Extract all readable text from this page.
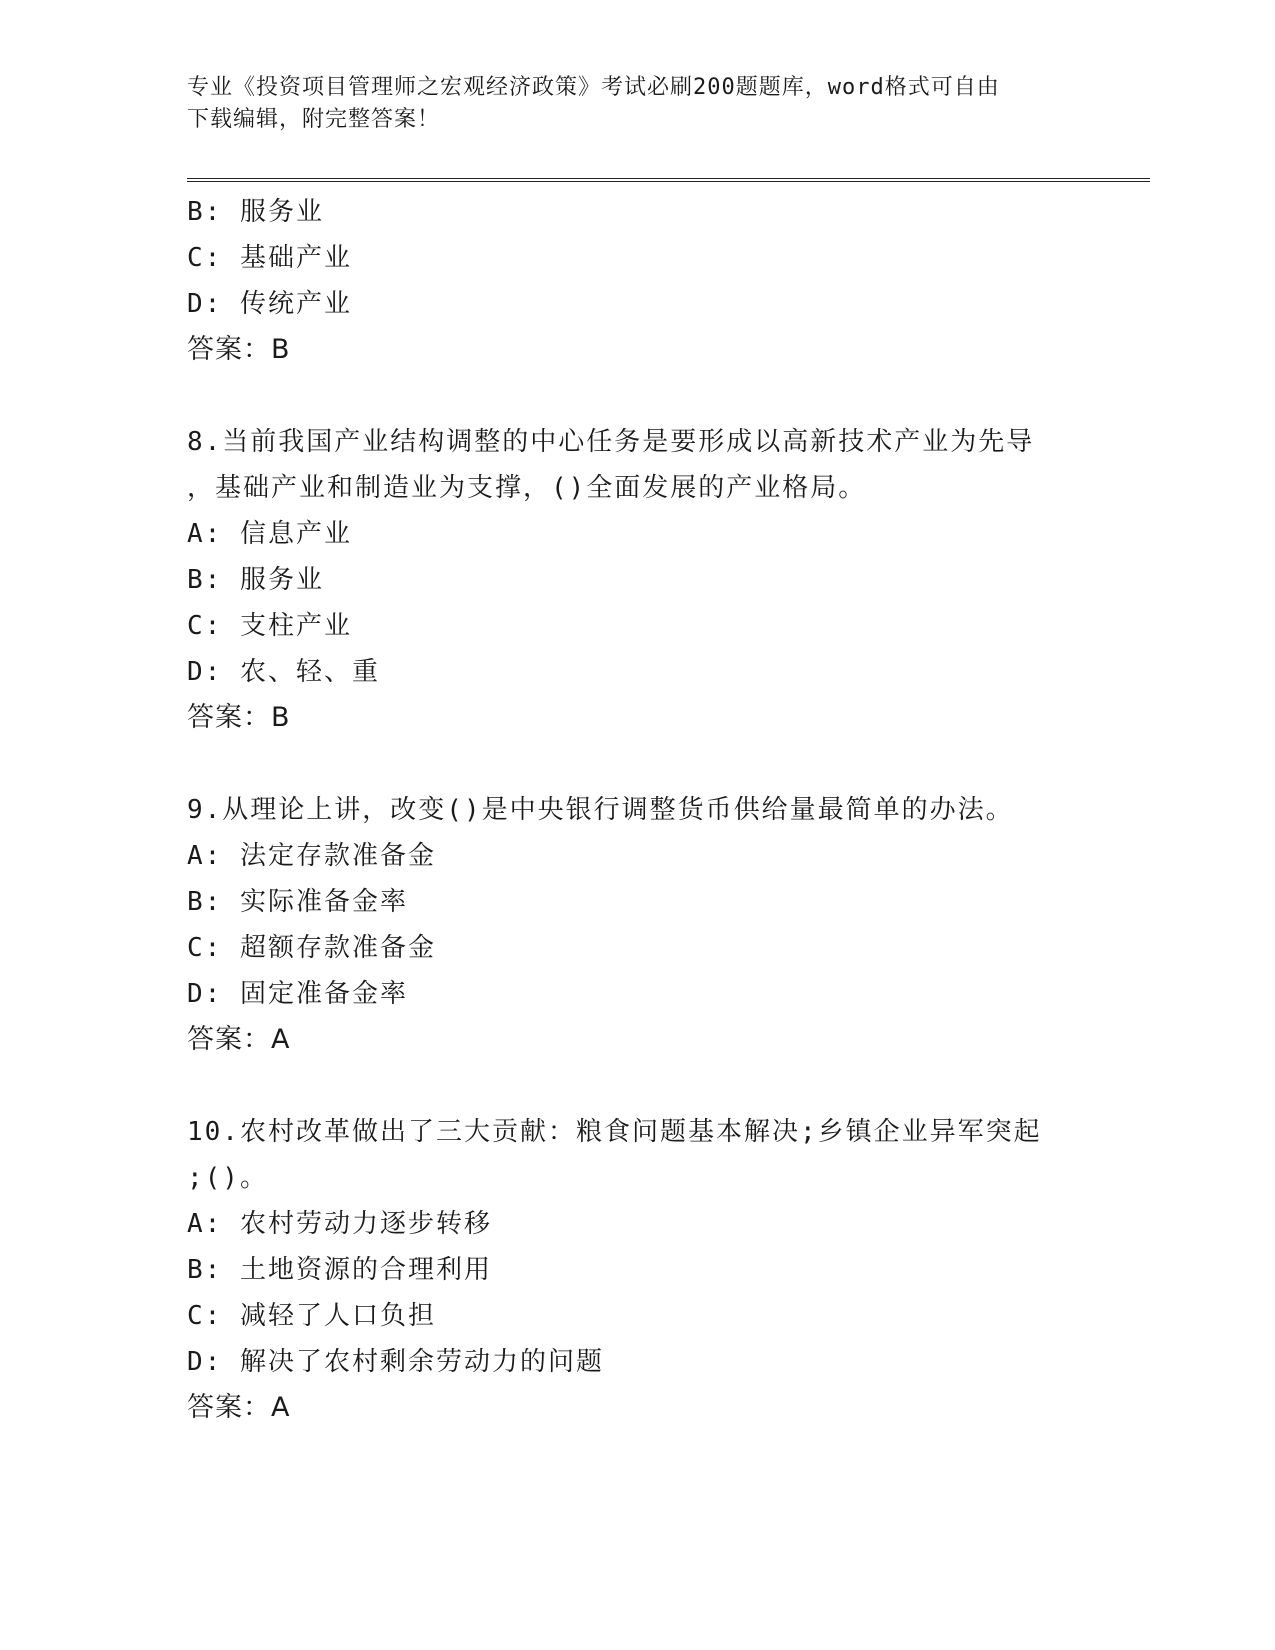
专业《投资项目管理师之宏观经济政策》考试必刷200题题库，word格式可自由
下载编辑，附完整答案！
B: 服务业
C: 基础产业
D: 传统产业
答案：B
8.当前我国产业结构调整的中心任务是要形成以高新技术产业为先导
，基础产业和制造业为支撑，()全面发展的产业格局。
A: 信息产业
B: 服务业
C: 支柱产业
D: 农、轻、重
答案：B
9.从理论上讲，改变()是中央银行调整货币供给量最简单的办法。
A: 法定存款准备金
B: 实际准备金率
C: 超额存款准备金
D: 固定准备金率
答案：A
10.农村改革做出了三大贡献：粮食问题基本解决;乡镇企业异军突起
;()。
A: 农村劳动力逐步转移
B: 土地资源的合理利用
C: 减轻了人口负担
D: 解决了农村剩余劳动力的问题
答案：A
